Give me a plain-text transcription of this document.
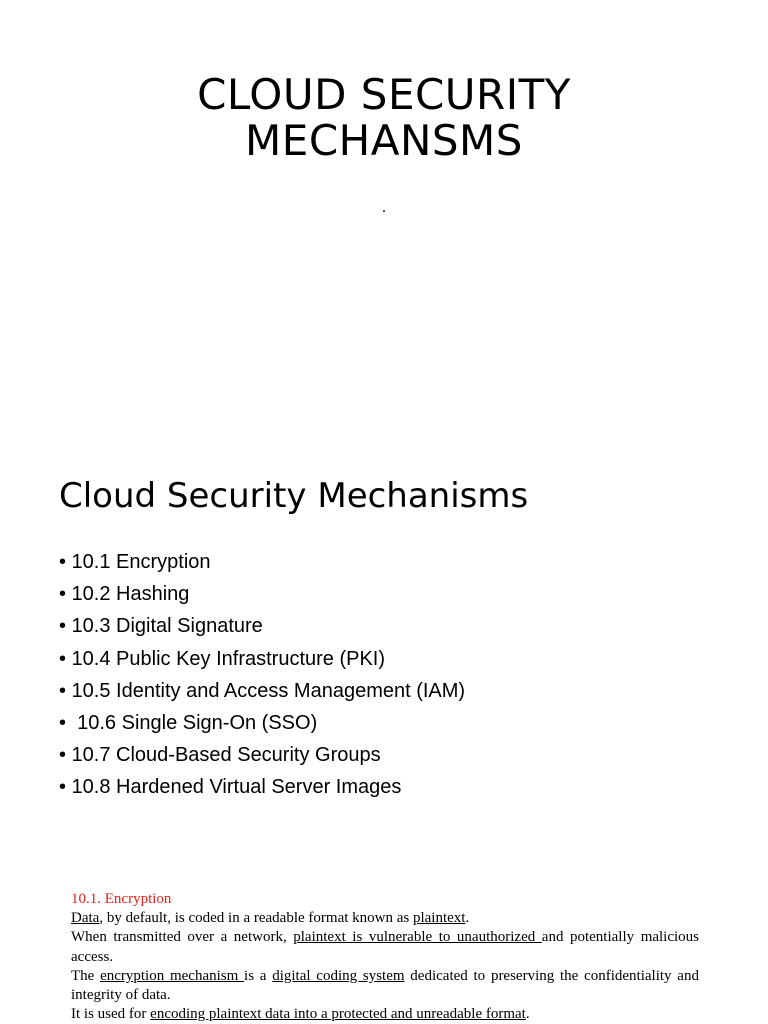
CLOUD SECURITY
MECHANSMS
.
Cloud Security Mechanisms
• 10.1 Encryption
• 10.2 Hashing
• 10.3 Digital Signature
• 10.4 Public Key Infrastructure (PKI)
• 10.5 Identity and Access Management (IAM)
•  10.6 Single Sign-On (SSO)
• 10.7 Cloud-Based Security Groups
• 10.8 Hardened Virtual Server Images
10.1. Encryption

Data, by default, is coded in a readable format known as plaintext.

When transmitted over a network, plaintext is vulnerable to unauthorized and potentially malicious access.

The encryption mechanism is a digital coding system dedicated to preserving the confidentiality and integrity of data.

It is used for encoding plaintext data into a protected and unreadable format.
